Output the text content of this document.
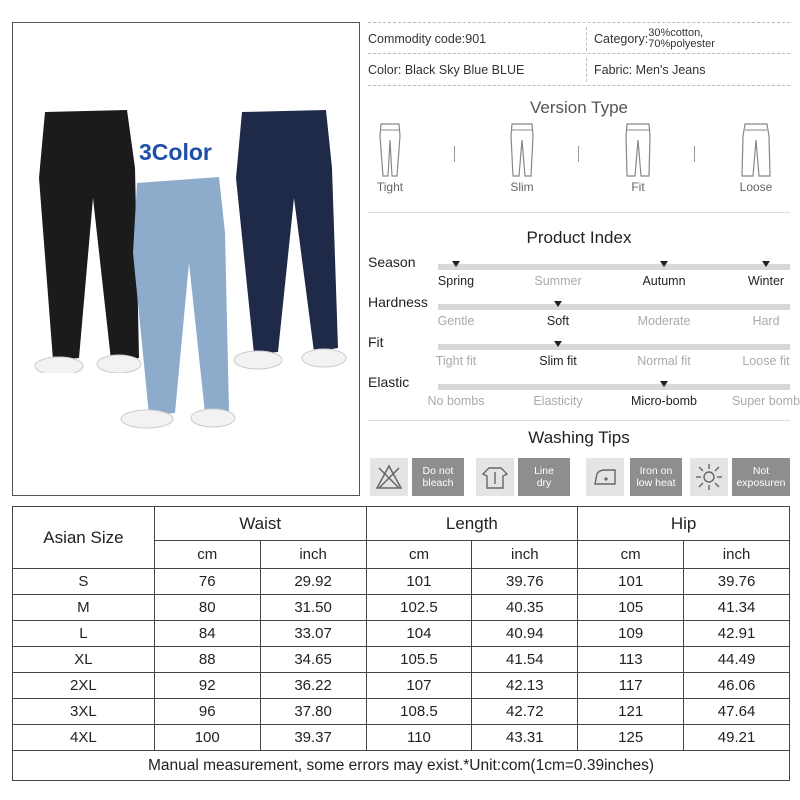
3Color
Commodity code:901	Category: 30%cotton,
70%polyester
Color: Black Sky Blue BLUE	Fabric: Men's Jeans
Version Type
Tight	Slim	Fit	Loose
Product Index
Season
Spring	Summer	Autumn	Winter
Hardness
Gentle	Soft	Moderate	Hard
Fit
Tight fit	Slim fit	Normal fit	Loose fit
Elastic
No bombs	Elasticity	Micro-bomb	Super bomb
Washing Tips
Do not
bleach
Line
dry
Iron on
low heat
Not
exposuren
Asian Size	Waist		Length		Hip	
	cm	inch	cm	inch	cm	inch
S	76	29.92	101	39.76	101	39.76
M	80	31.50	102.5	40.35	105	41.34
L	84	33.07	104	40.94	109	42.91
XL	88	34.65	105.5	41.54	113	44.49
2XL	92	36.22	107	42.13	117	46.06
3XL	96	37.80	108.5	42.72	121	47.64
4XL	100	39.37	110	43.31	125	49.21
Manual measurement, some errors may exist.*Unit:com(1cm=0.39inches)						
